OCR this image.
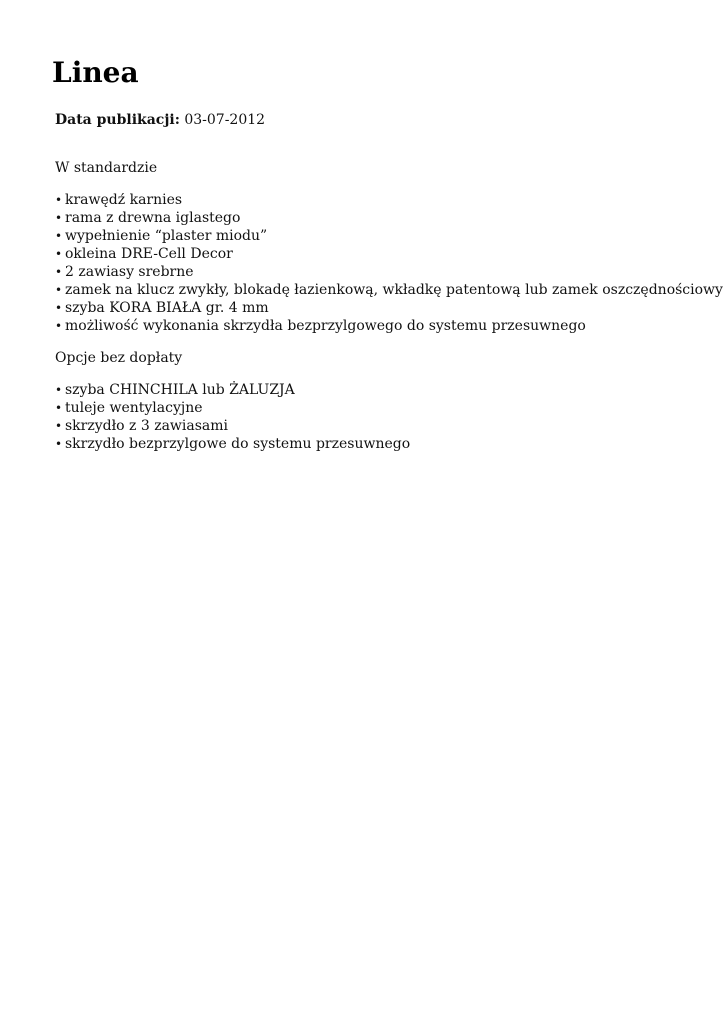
Linea
Data publikacji: 03-07-2012

W standardzie

• krawędź karnies
• rama z drewna iglastego
• wypełnienie “plaster miodu”
• okleina DRE-Cell Decor
• 2 zawiasy srebrne
• zamek na klucz zwykły, blokadę łazienkową, wkładkę patentową lub zamek oszczędnościowy
• szyba KORA BIAŁA gr. 4 mm
• możliwość wykonania skrzydła bezprzylgowego do systemu przesuwnego

Opcje bez dopłaty

• szyba CHINCHILA lub ŻALUZJA
• tuleje wentylacyjne
• skrzydło z 3 zawiasami
• skrzydło bezprzylgowe do systemu przesuwnego
